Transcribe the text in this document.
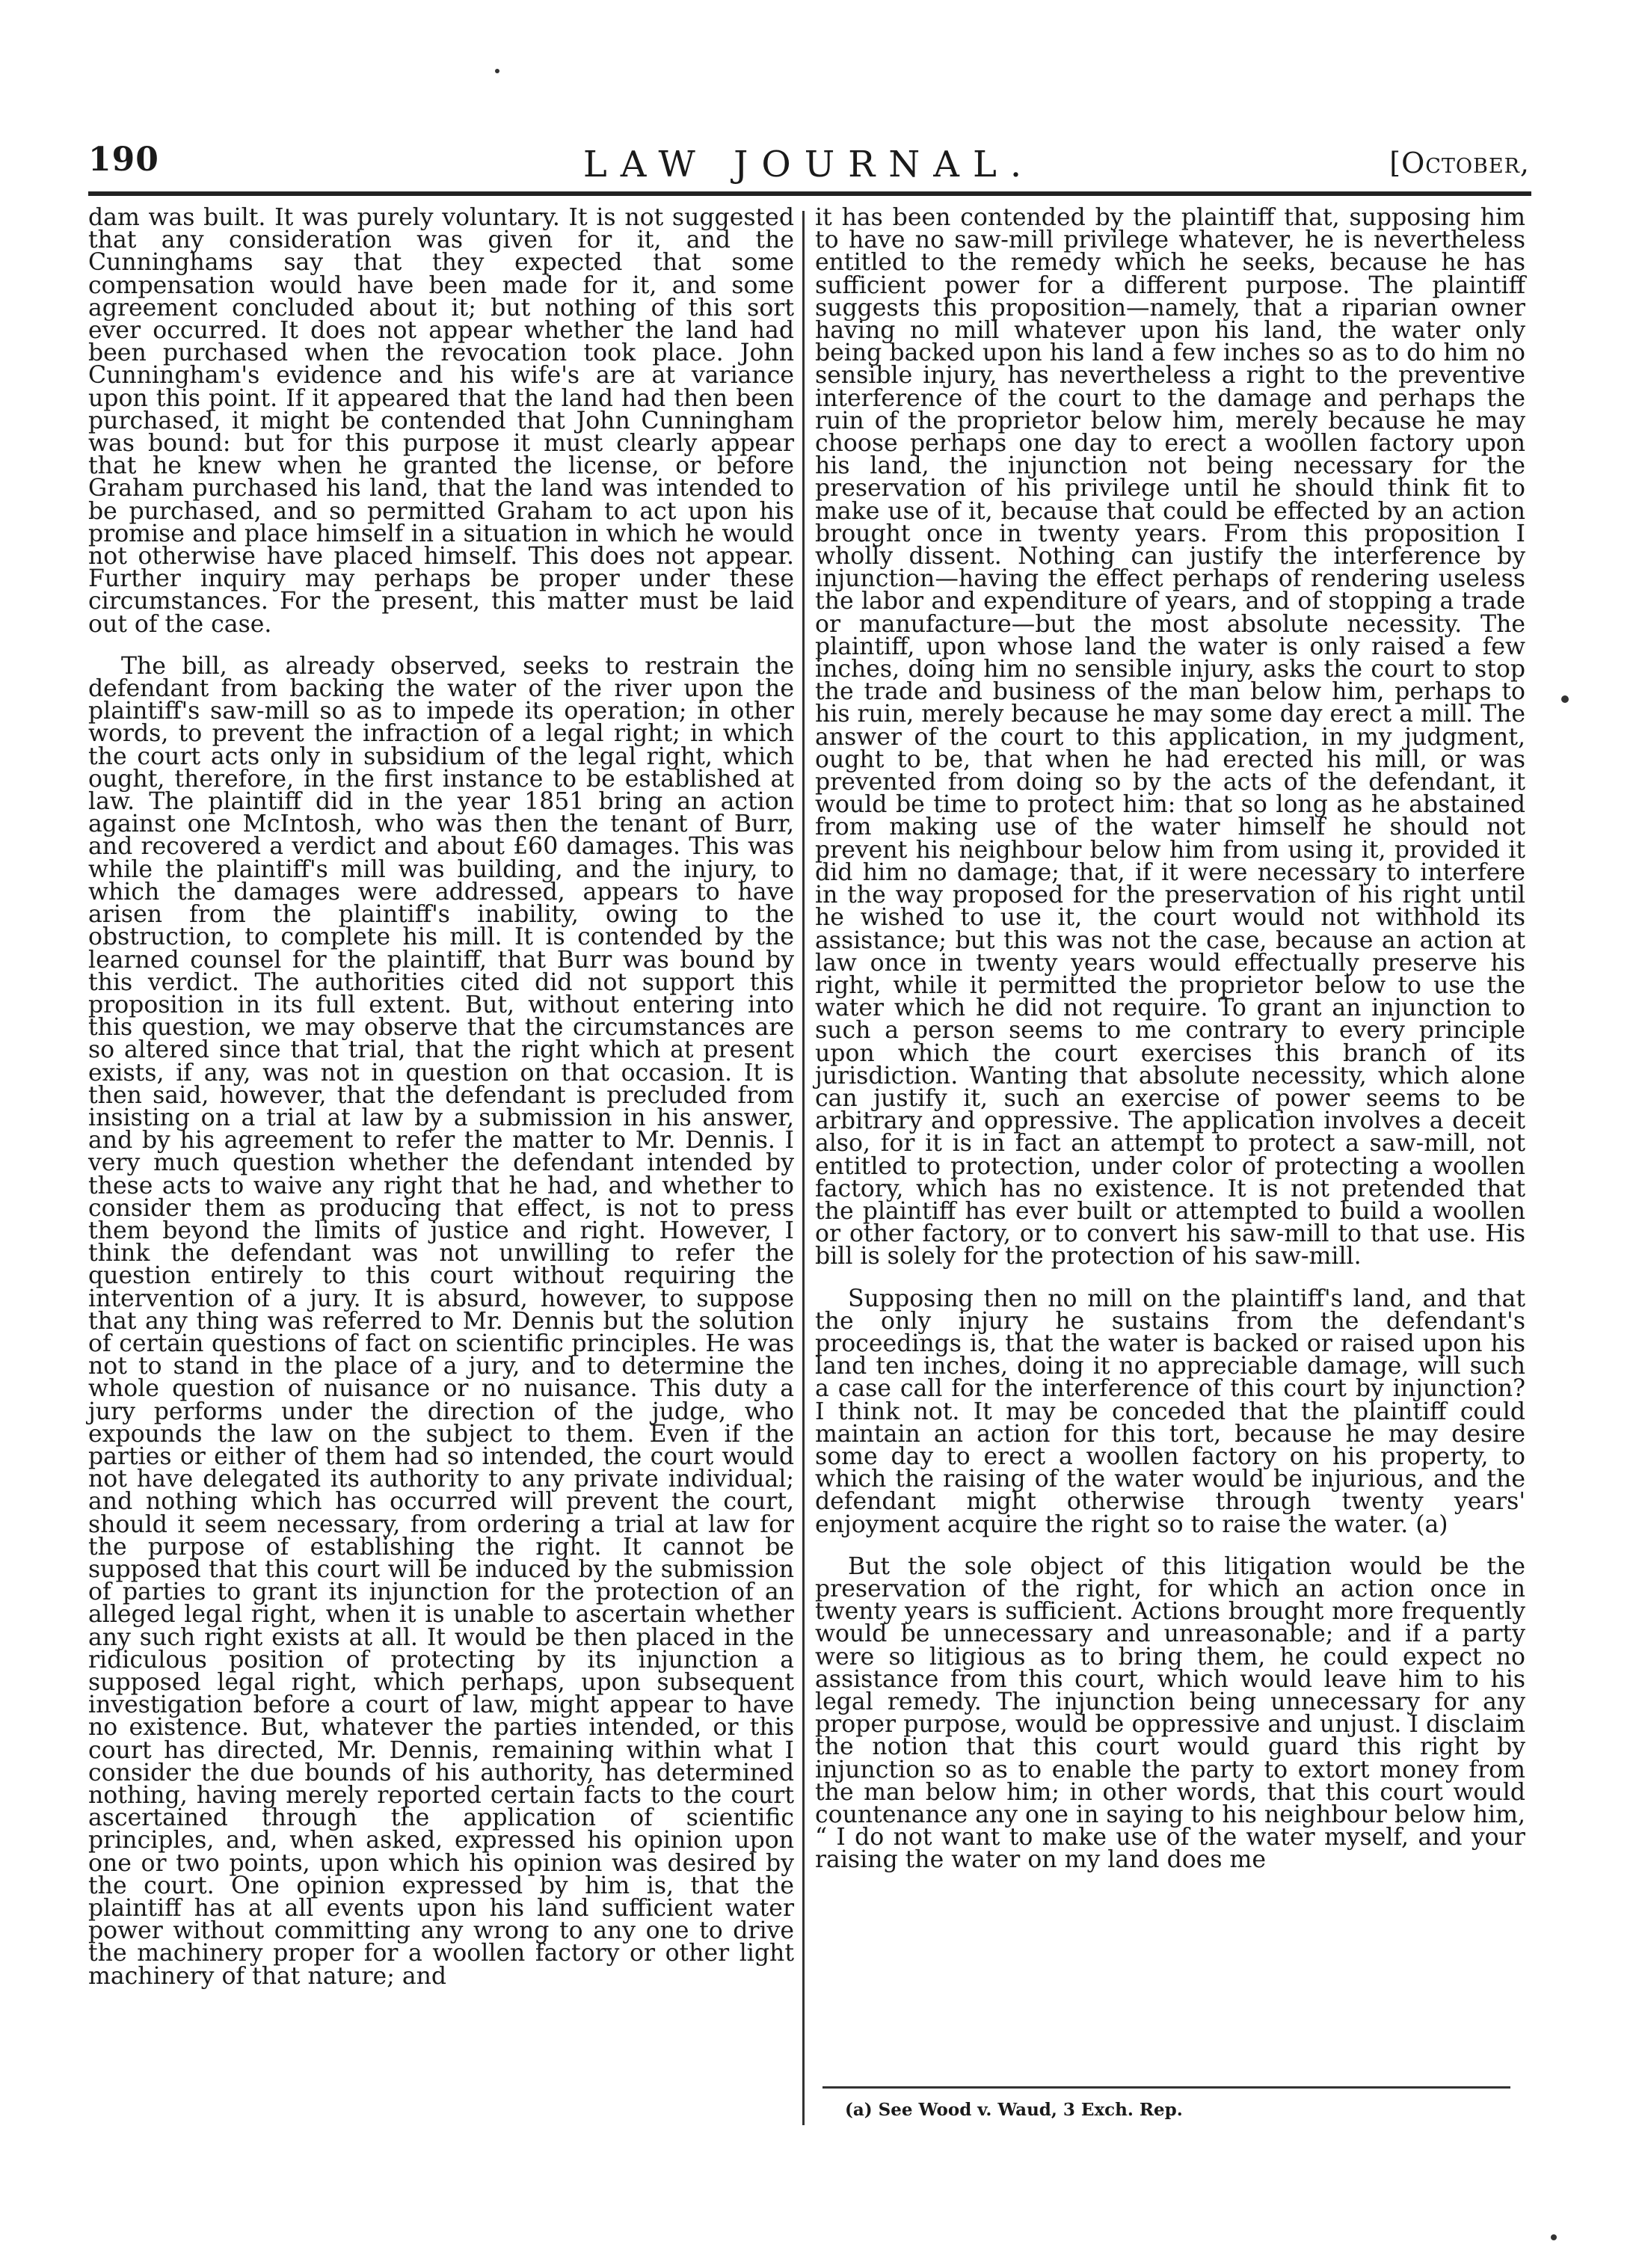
190	LAW JOURNAL.	[October,

dam was built. It was purely voluntary. It is not suggested that any consideration was given for it, and the Cunninghams say that they expected that some compensation would have been made for it, and some agreement concluded about it; but nothing of this sort ever occurred. It does not appear whether the land had been purchased when the revocation took place. John Cunningham's evidence and his wife's are at variance upon this point. If it appeared that the land had then been purchased, it might be contended that John Cunningham was bound: but for this purpose it must clearly appear that he knew when he granted the license, or before Graham purchased his land, that the land was intended to be purchased, and so permitted Graham to act upon his promise and place himself in a situation in which he would not otherwise have placed himself. This does not appear. Further inquiry may perhaps be proper under these circumstances. For the present, this matter must be laid out of the case.

The bill, as already observed, seeks to restrain the defendant from backing the water of the river upon the plaintiff's saw-mill so as to impede its operation; in other words, to prevent the infraction of a legal right; in which the court acts only in subsidium of the legal right, which ought, therefore, in the first instance to be established at law. The plaintiff did in the year 1851 bring an action against one McIntosh, who was then the tenant of Burr, and recovered a verdict and about £60 damages. This was while the plaintiff's mill was building, and the injury, to which the damages were addressed, appears to have arisen from the plaintiff's inability, owing to the obstruction, to complete his mill. It is contended by the learned counsel for the plaintiff, that Burr was bound by this verdict. The authorities cited did not support this proposition in its full extent. But, without entering into this question, we may observe that the circumstances are so altered since that trial, that the right which at present exists, if any, was not in question on that occasion. It is then said, however, that the defendant is precluded from insisting on a trial at law by a submission in his answer, and by his agreement to refer the matter to Mr. Dennis. I very much question whether the defendant intended by these acts to waive any right that he had, and whether to consider them as producing that effect, is not to press them beyond the limits of justice and right. However, I think the defendant was not unwilling to refer the question entirely to this court without requiring the intervention of a jury. It is absurd, however, to suppose that any thing was referred to Mr. Dennis but the solution of certain questions of fact on scientific principles. He was not to stand in the place of a jury, and to determine the whole question of nuisance or no nuisance. This duty a jury performs under the direction of the judge, who expounds the law on the subject to them. Even if the parties or either of them had so intended, the court would not have delegated its authority to any private individual; and nothing which has occurred will prevent the court, should it seem necessary, from ordering a trial at law for the purpose of establishing the right. It cannot be supposed that this court will be induced by the submission of parties to grant its injunction for the protection of an alleged legal right, when it is unable to ascertain whether any such right exists at all. It would be then placed in the ridiculous position of protecting by its injunction a supposed legal right, which perhaps, upon subsequent investigation before a court of law, might appear to have no existence. But, whatever the parties intended, or this court has directed, Mr. Dennis, remaining within what I consider the due bounds of his authority, has determined nothing, having merely reported certain facts to the court ascertained through the application of scientific principles, and, when asked, expressed his opinion upon one or two points, upon which his opinion was desired by the court. One opinion expressed by him is, that the plaintiff has at all events upon his land sufficient water power without committing any wrong to any one to drive the machinery proper for a woollen factory or other light machinery of that nature; and

it has been contended by the plaintiff that, supposing him to have no saw-mill privilege whatever, he is nevertheless entitled to the remedy which he seeks, because he has sufficient power for a different purpose. The plaintiff suggests this proposition—namely, that a riparian owner having no mill whatever upon his land, the water only being backed upon his land a few inches so as to do him no sensible injury, has nevertheless a right to the preventive interference of the court to the damage and perhaps the ruin of the proprietor below him, merely because he may choose perhaps one day to erect a woollen factory upon his land, the injunction not being necessary for the preservation of his privilege until he should think fit to make use of it, because that could be effected by an action brought once in twenty years. From this proposition I wholly dissent. Nothing can justify the interference by injunction—having the effect perhaps of rendering useless the labor and expenditure of years, and of stopping a trade or manufacture—but the most absolute necessity. The plaintiff, upon whose land the water is only raised a few inches, doing him no sensible injury, asks the court to stop the trade and business of the man below him, perhaps to his ruin, merely because he may some day erect a mill. The answer of the court to this application, in my judgment, ought to be, that when he had erected his mill, or was prevented from doing so by the acts of the defendant, it would be time to protect him: that so long as he abstained from making use of the water himself he should not prevent his neighbour below him from using it, provided it did him no damage; that, if it were necessary to interfere in the way proposed for the preservation of his right until he wished to use it, the court would not withhold its assistance; but this was not the case, because an action at law once in twenty years would effectually preserve his right, while it permitted the proprietor below to use the water which he did not require. To grant an injunction to such a person seems to me contrary to every principle upon which the court exercises this branch of its jurisdiction. Wanting that absolute necessity, which alone can justify it, such an exercise of power seems to be arbitrary and oppressive. The application involves a deceit also, for it is in fact an attempt to protect a saw-mill, not entitled to protection, under color of protecting a woollen factory, which has no existence. It is not pretended that the plaintiff has ever built or attempted to build a woollen or other factory, or to convert his saw-mill to that use. His bill is solely for the protection of his saw-mill.

Supposing then no mill on the plaintiff's land, and that the only injury he sustains from the defendant's proceedings is, that the water is backed or raised upon his land ten inches, doing it no appreciable damage, will such a case call for the interference of this court by injunction? I think not. It may be conceded that the plaintiff could maintain an action for this tort, because he may desire some day to erect a woollen factory on his property, to which the raising of the water would be injurious, and the defendant might otherwise through twenty years' enjoyment acquire the right so to raise the water. (a)

But the sole object of this litigation would be the preservation of the right, for which an action once in twenty years is sufficient. Actions brought more frequently would be unnecessary and unreasonable; and if a party were so litigious as to bring them, he could expect no assistance from this court, which would leave him to his legal remedy. The injunction being unnecessary for any proper purpose, would be oppressive and unjust. I disclaim the notion that this court would guard this right by injunction so as to enable the party to extort money from the man below him; in other words, that this court would countenance any one in saying to his neighbour below him, “ I do not want to make use of the water myself, and your raising the water on my land does me

(a) See Wood v. Waud, 3 Exch. Rep.
